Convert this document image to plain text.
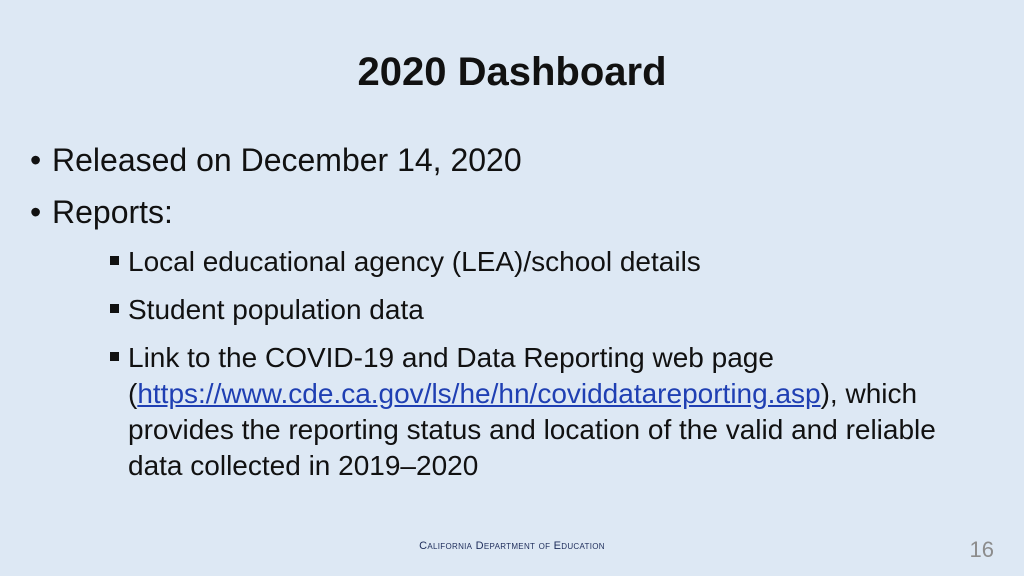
2020 Dashboard
• Released on December 14, 2020
• Reports:
Local educational agency (LEA)/school details
Student population data
Link to the COVID-19 and Data Reporting web page (https://www.cde.ca.gov/ls/he/hn/coviddatareporting.asp), which provides the reporting status and location of the valid and reliable data collected in 2019–2020
California Department of Education	16
